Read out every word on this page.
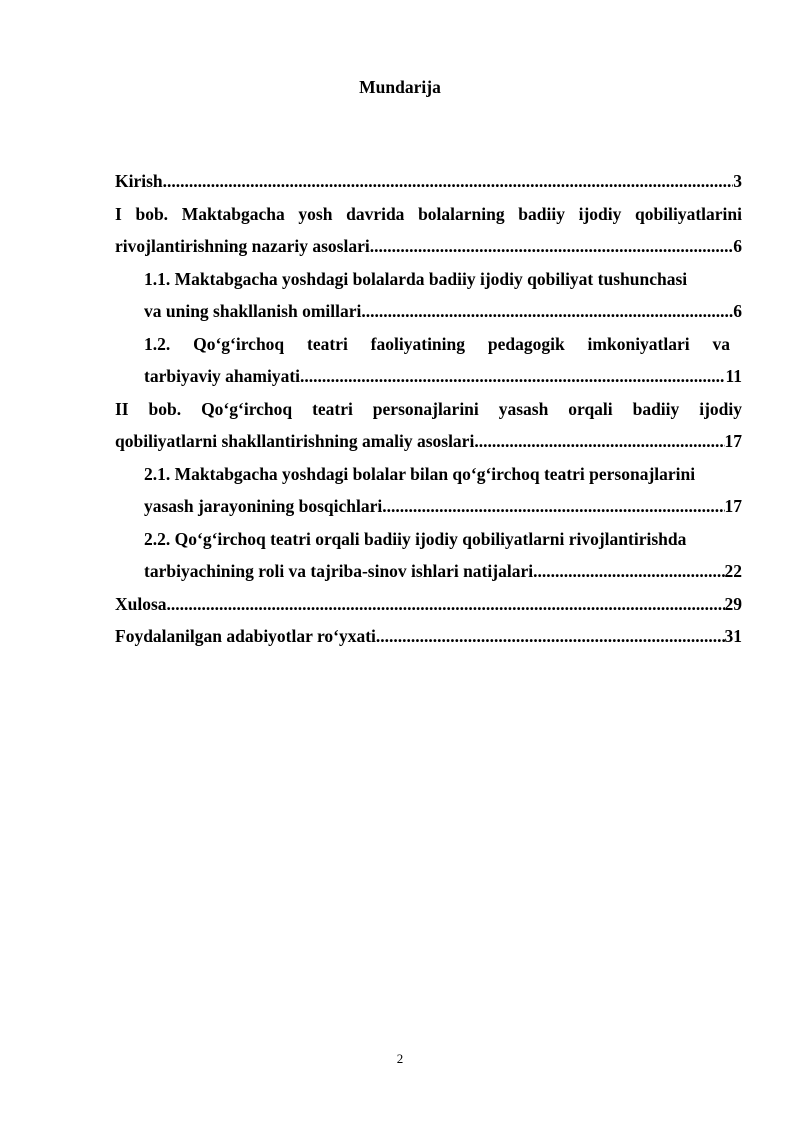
Mundarija
Kirish .....	3
I bob. Maktabgacha yosh davrida bolalarning badiiy ijodiy qobiliyatlarini
rivojlantirishning nazariy asoslari .....	6
1.1. Maktabgacha yoshdagi bolalarda badiiy ijodiy qobiliyat tushunchasi
va uning shakllanish omillari .....	6
1.2. Qo‘g‘irchoq teatri faoliyatining pedagogik imkoniyatlari va
tarbiyaviy ahamiyati .....	11
II bob. Qo‘g‘irchoq teatri personajlarini yasash orqali badiiy ijodiy
qobiliyatlarni shakllantirishning amaliy asoslari .....	17
2.1. Maktabgacha yoshdagi bolalar bilan qo‘g‘irchoq teatri personajlarini
yasash jarayonining bosqichlari .....	17
2.2. Qo‘g‘irchoq teatri orqali badiiy ijodiy qobiliyatlarni rivojlantirishda
tarbiyachining roli va tajriba-sinov ishlari natijalari .....	22
Xulosa .....	29
Foydalanilgan adabiyotlar ro‘yxati .....	31
2
